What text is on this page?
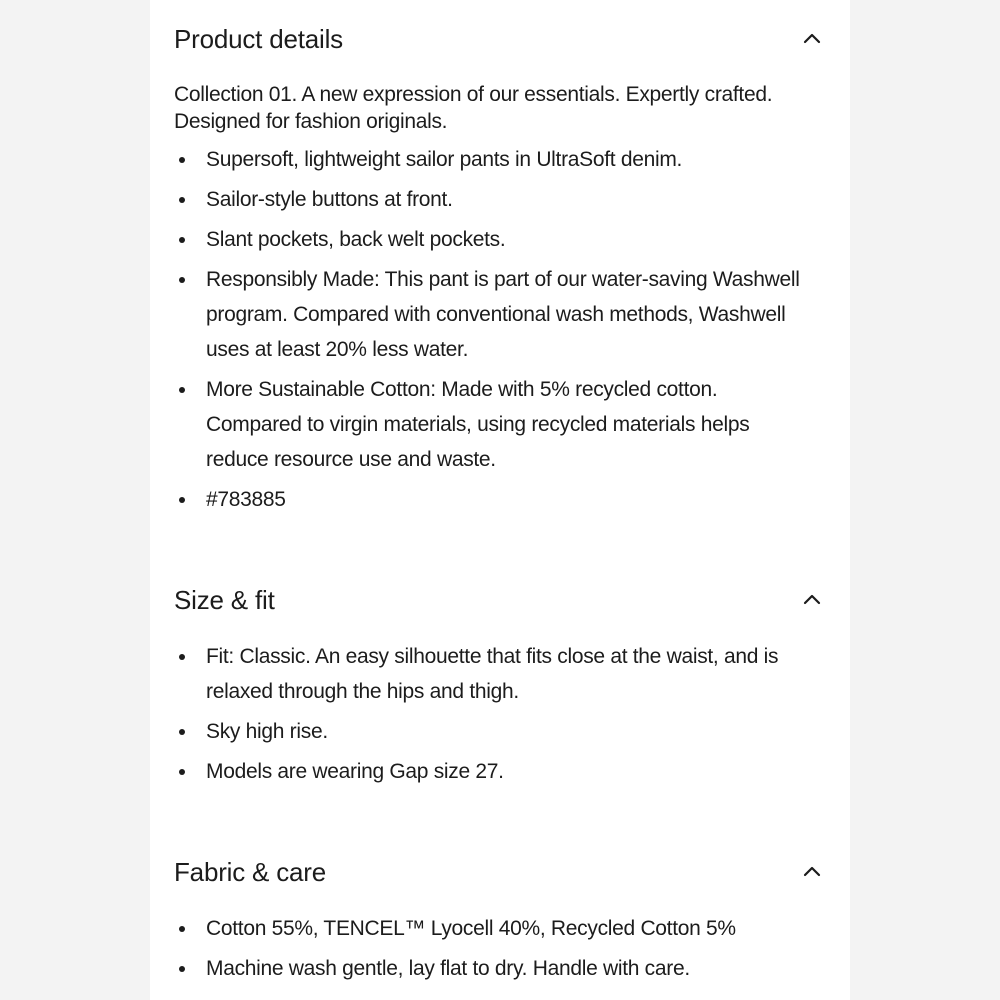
Product details

Collection 01. A new expression of our essentials. Expertly crafted. Designed for fashion originals.

Supersoft, lightweight sailor pants in UltraSoft denim.
Sailor-style buttons at front.
Slant pockets, back welt pockets.
Responsibly Made: This pant is part of our water-saving Washwell program. Compared with conventional wash methods, Washwell uses at least 20% less water.
More Sustainable Cotton: Made with 5% recycled cotton. Compared to virgin materials, using recycled materials helps reduce resource use and waste.
#783885
Size & fit
Fit: Classic. An easy silhouette that fits close at the waist, and is relaxed through the hips and thigh.
Sky high rise.
Models are wearing Gap size 27.
Fabric & care
Cotton 55%, TENCEL™ Lyocell 40%, Recycled Cotton 5%
Machine wash gentle, lay flat to dry. Handle with care.
